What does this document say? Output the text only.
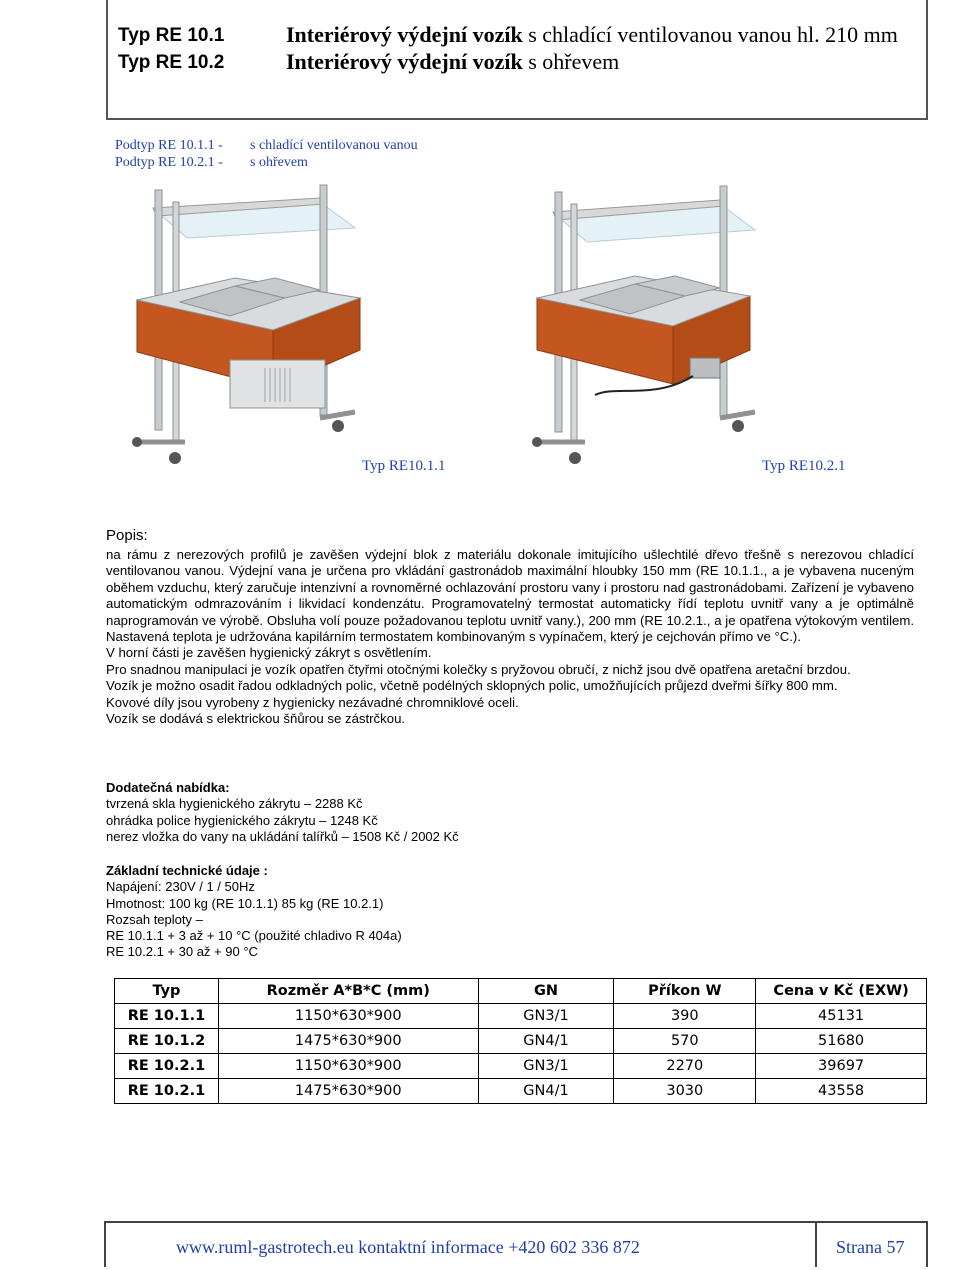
Typ RE 10.1	Interiérový výdejní vozík s chladící ventilovanou vanou hl. 210 mm
Typ RE 10.2	Interiérový výdejní vozík s ohřevem
Podtyp RE 10.1.1 - s chladící ventilovanou vanou
Podtyp RE 10.2.1 - s ohřevem
Typ RE10.1.1	Typ RE10.2.1
Popis:

na rámu z nerezových profilů je zavěšen výdejní blok z materiálu dokonale imitujícího ušlechtilé dřevo třešně s nerezovou chladící ventilovanou vanou. Výdejní vana je určena pro vkládání gastronádob maximální hloubky 150 mm (RE 10.1.1., a je vybavena nuceným oběhem vzduchu, který zaručuje intenzivní a rovnoměrné ochlazování prostoru vany i prostoru nad gastronádobami. Zařízení je vybaveno automatickým odmrazováním i likvidací kondenzátu. Programovatelný termostat automaticky řídí teplotu uvnitř vany a je optimálně naprogramován ve výrobě. Obsluha volí pouze požadovanou teplotu uvnitř vany.), 200 mm (RE 10.2.1., a je opatřena výtokovým ventilem. Nastavená teplota je udržována kapilárním termostatem kombinovaným s vypínačem, který je cejchován přímo ve °C.).

V horní části je zavěšen hygienický zákryt s osvětlením.

Pro snadnou manipulaci je vozík opatřen čtyřmi otočnými kolečky s pryžovou obručí, z nichž jsou dvě opatřena aretační brzdou.

Vozík je možno osadit řadou odkladných polic, včetně podélných sklopných polic, umožňujících průjezd dveřmi šířky 800 mm.

Kovové díly jsou vyrobeny z hygienicky nezávadné chromniklové oceli.

Vozík se dodává s elektrickou šňůrou se zástrčkou.

Dodatečná nabídka:
tvrzená skla hygienického zákrytu – 2288 Kč
ohrádka police hygienického zákrytu – 1248 Kč
nerez vložka do vany na ukládání talířků – 1508 Kč / 2002 Kč
Základní technické údaje :
Napájení: 230V / 1 / 50Hz
Hmotnost: 100 kg (RE 10.1.1) 85 kg (RE 10.2.1)
Rozsah teploty –
RE 10.1.1 + 3 až + 10 °C (použité chladivo R 404a)
RE 10.2.1 + 30 až + 90 °C
Typ	Rozměr A*B*C (mm)	GN	Příkon W	Cena v Kč (EXW)
RE 10.1.1	1150*630*900	GN3/1	390	45131
RE 10.1.2	1475*630*900	GN4/1	570	51680
RE 10.2.1	1150*630*900	GN3/1	2270	39697
RE 10.2.1	1475*630*900	GN4/1	3030	43558
www.ruml-gastrotech.eu kontaktní informace +420 602 336 872	Strana 57
